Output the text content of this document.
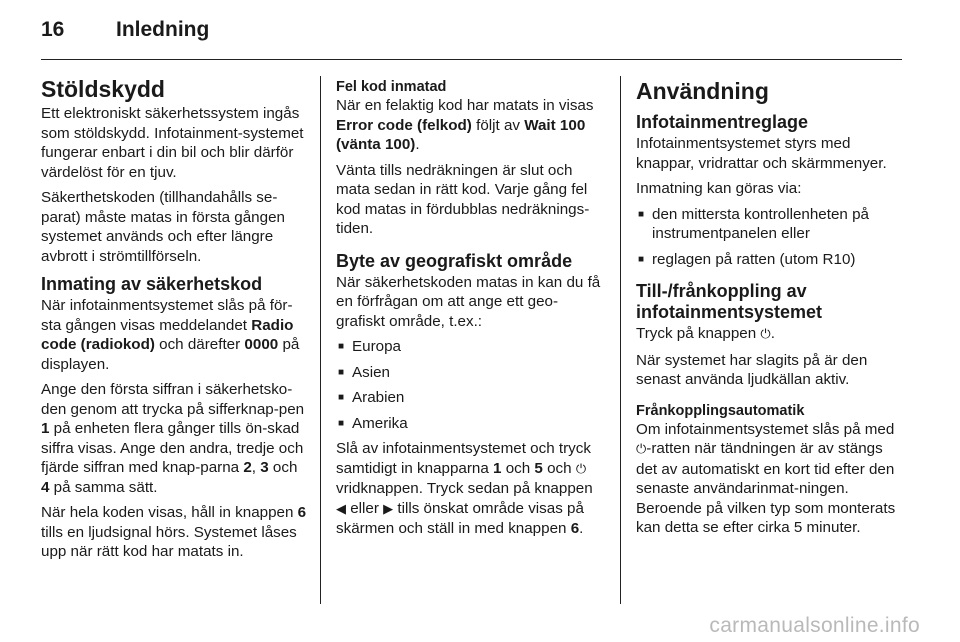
16	Inledning
Stöldskydd

Ett elektroniskt säkerhetssystem ingås som stöldskydd. Infotainment-systemet fungerar enbart i din bil och blir därför värdelöst för en tjuv.

Säkerthetskoden (tillhandahålls se-parat) måste matas in första gången systemet används och efter längre avbrott i strömtillförseln.

Inmating av säkerhetskod

När infotainmentsystemet slås på för-sta gången visas meddelandet Radio code (radiokod) och därefter 0000 på displayen.

Ange den första siffran i säkerhetsko-den genom att trycka på sifferknap-pen 1 på enheten flera gånger tills ön-skad siffra visas. Ange den andra, tredje och fjärde siffran med knap-parna 2, 3 och 4 på samma sätt.

När hela koden visas, håll in knappen 6 tills en ljudsignal hörs. Systemet låses upp när rätt kod har matats in.

Fel kod inmatad

När en felaktig kod har matats in visas Error code (felkod) följt av Wait 100 (vänta 100).

Vänta tills nedräkningen är slut och mata sedan in rätt kod. Varje gång fel kod matas in fördubblas nedräknings-tiden.

Byte av geografiskt område

När säkerhetskoden matas in kan du få en förfrågan om att ange ett geo-grafiskt område, t.ex.:

■ Europa
■ Asien
■ Arabien
■ Amerika

Slå av infotainmentsystemet och tryck samtidigt in knapparna 1 och 5 och ⏻ vridknappen. Tryck sedan på knappen ◀ eller ▶ tills önskat område visas på skärmen och ställ in med knappen 6.

Användning
Infotainmentreglage

Infotainmentsystemet styrs med knappar, vridrattar och skärmmenyer.

Inmatning kan göras via:

■ den mittersta kontrollenheten på instrumentpanelen eller
■ reglagen på ratten (utom R10)
Till-/frånkoppling av infotainmentsystemet

Tryck på knappen ⏻.

När systemet har slagits på är den senast använda ljudkällan aktiv.

Frånkopplingsautomatik

Om infotainmentsystemet slås på med ⏻-ratten när tändningen är av stängs det av automatiskt en kort tid efter den senaste användarinmat-ningen. Beroende på vilken typ som monterats kan detta se efter cirka 5 minuter.

carmanualsonline.info
